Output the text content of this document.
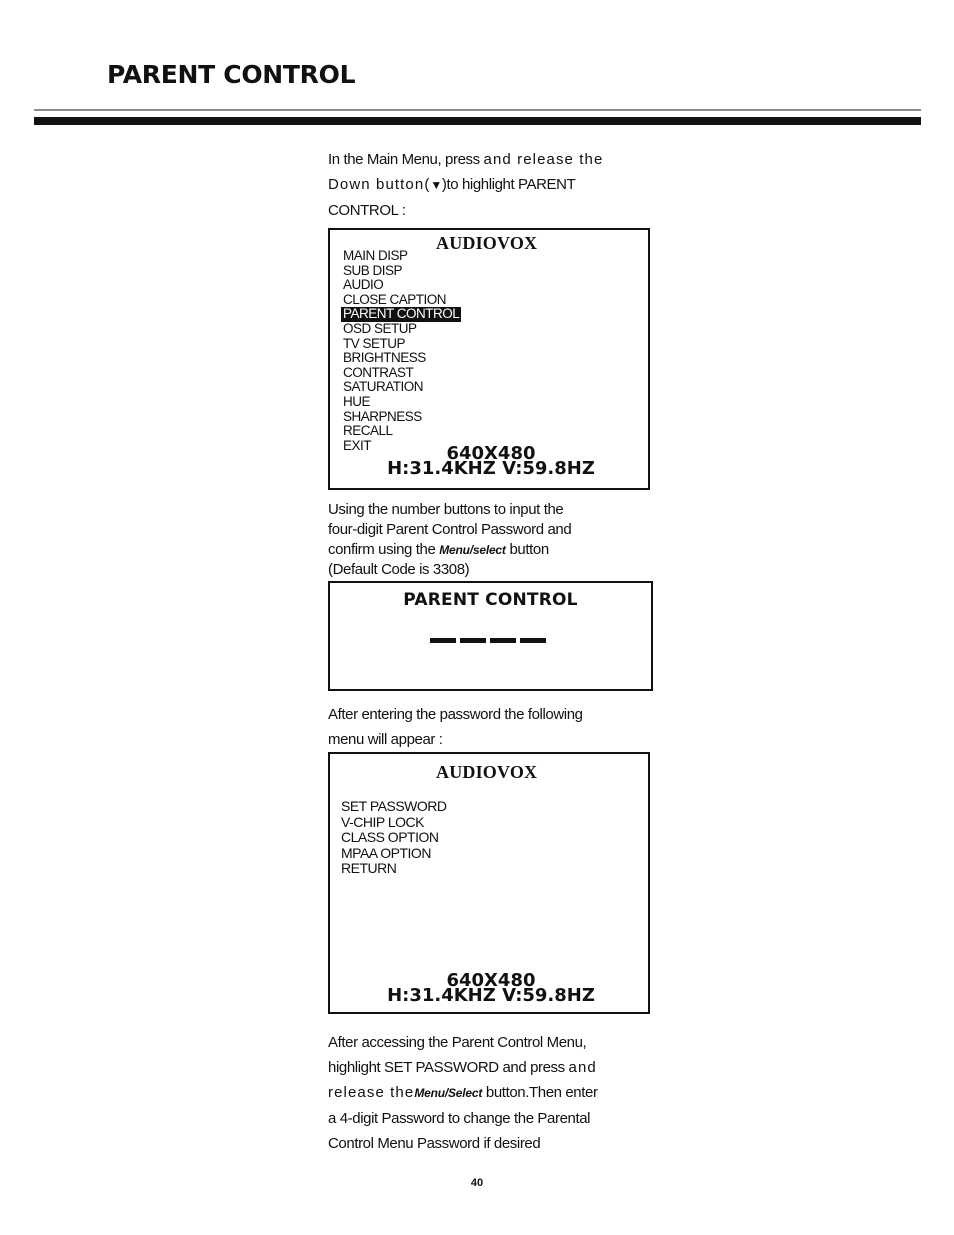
PARENT CONTROL
In the Main Menu, press and release the
Down button(▼)to highlight PARENT
CONTROL :
AUDIOVOX
MAIN DISP
SUB DISP
AUDIO
CLOSE CAPTION
PARENT CONTROL

OSD SETUP
TV SETUP
BRIGHTNESS
CONTRAST
SATURATION
HUE
SHARPNESS
RECALL
EXIT	640X480
H:31.4KHZ V:59.8HZ
Using the number buttons to input the
four-digit Parent Control Password and
confirm using the Menu/select button
(Default Code is 3308)
PARENT CONTROL
After entering the password the following
menu will appear :
AUDIOVOX
SET PASSWORD
V-CHIP LOCK
CLASS OPTION
MPAA OPTION
RETURN
640X480
H:31.4KHZ V:59.8HZ
After accessing the Parent Control Menu,
highlight SET PASSWORD and press and
release theMenu/Select button.Then enter
a 4-digit Password to change the Parental
Control Menu Password if desired
40
